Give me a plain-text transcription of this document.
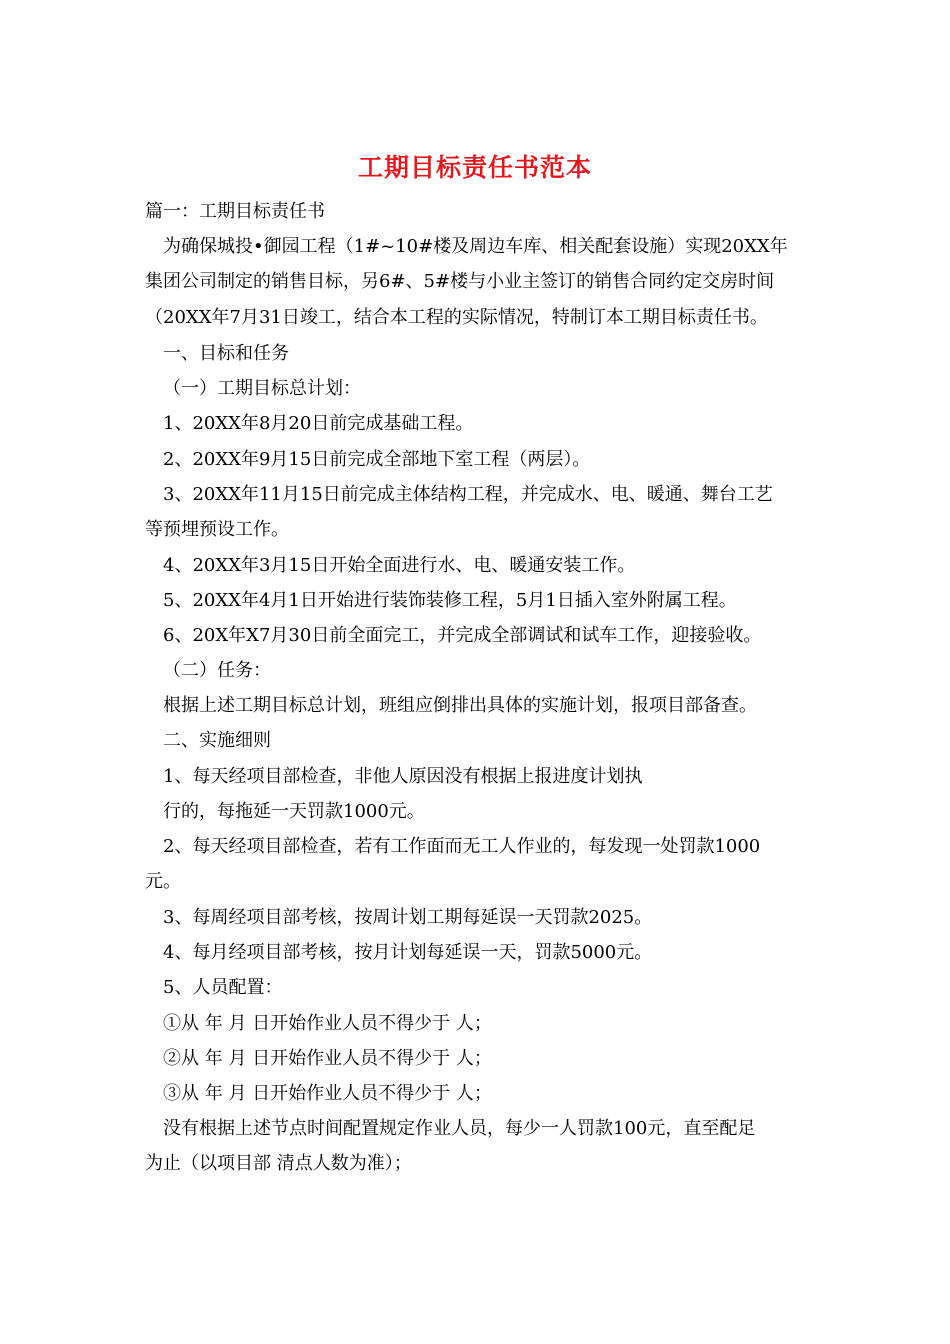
工期目标责任书范本
篇一：工期目标责任书
为确保城投•御园工程（1#~10#楼及周边车库、相关配套设施）实现20XX年
集团公司制定的销售目标，另6#、5#楼与小业主签订的销售合同约定交房时间
（20XX年7月31日竣工，结合本工程的实际情况，特制订本工期目标责任书。
一、目标和任务
（一）工期目标总计划：
1、20XX年8月20日前完成基础工程。
2、20XX年9月15日前完成全部地下室工程（两层）。
3、20XX年11月15日前完成主体结构工程，并完成水、电、暖通、舞台工艺
等预埋预设工作。
4、20XX年3月15日开始全面进行水、电、暖通安装工作。
5、20XX年4月1日开始进行装饰装修工程，5月1日插入室外附属工程。
6、20X年X7月30日前全面完工，并完成全部调试和试车工作，迎接验收。
（二）任务：
根据上述工期目标总计划，班组应倒排出具体的实施计划，报项目部备查。
二、实施细则
1、每天经项目部检查，非他人原因没有根据上报进度计划执
行的，每拖延一天罚款1000元。
2、每天经项目部检查，若有工作面而无工人作业的，每发现一处罚款1000
元。
3、每周经项目部考核，按周计划工期每延误一天罚款2025。
4、每月经项目部考核，按月计划每延误一天，罚款5000元。
5、人员配置：
①从 年 月 日开始作业人员不得少于 人；
②从 年 月 日开始作业人员不得少于 人；
③从 年 月 日开始作业人员不得少于 人；
没有根据上述节点时间配置规定作业人员，每少一人罚款100元，直至配足
为止（以项目部 清点人数为准）；
